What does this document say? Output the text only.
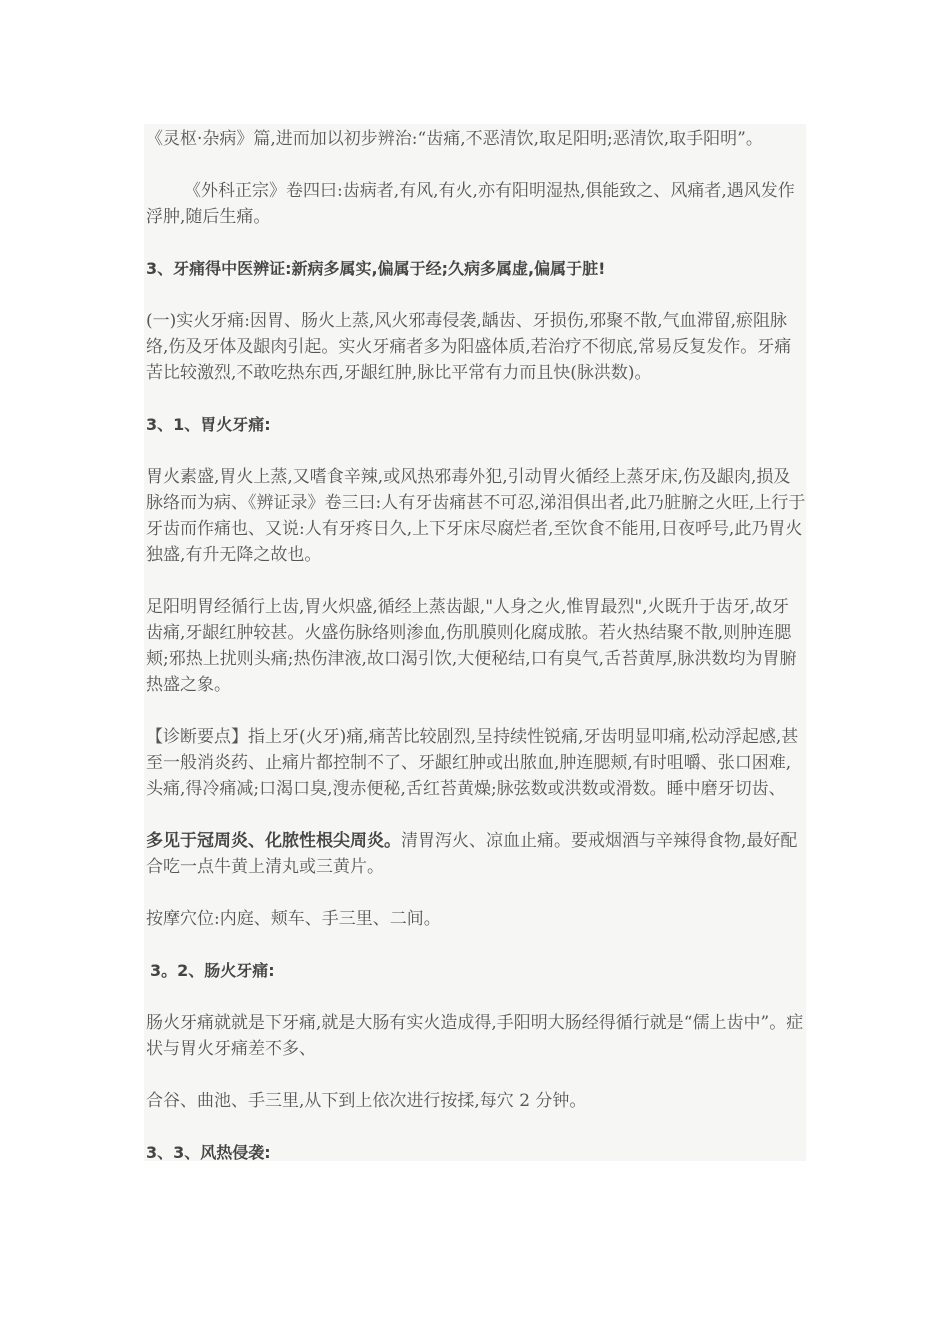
《灵枢·杂病》篇,进而加以初步辨治:“齿痛,不恶清饮,取足阳明;恶清饮,取手阳明”。

《外科正宗》卷四曰:齿病者,有风,有火,亦有阳明湿热,俱能致之、风痛者,遇风发作浮肿,随后生痛。

3、牙痛得中医辨证:新病多属实,偏属于经;久病多属虚,偏属于脏!

(一)实火牙痛:因胃、肠火上蒸,风火邪毒侵袭,龋齿、牙损伤,邪聚不散,气血滞留,瘀阻脉络,伤及牙体及龈肉引起。实火牙痛者多为阳盛体质,若治疗不彻底,常易反复发作。牙痛苦比较激烈,不敢吃热东西,牙龈红肿,脉比平常有力而且快(脉洪数)。

3、1、胃火牙痛:

胃火素盛,胃火上蒸,又嗜食辛辣,或风热邪毒外犯,引动胃火循经上蒸牙床,伤及龈肉,损及脉络而为病、《辨证录》卷三曰:人有牙齿痛甚不可忍,涕泪俱出者,此乃脏腑之火旺,上行于牙齿而作痛也、又说:人有牙疼日久,上下牙床尽腐烂者,至饮食不能用,日夜呼号,此乃胃火独盛,有升无降之故也。

足阳明胃经循行上齿,胃火炽盛,循经上蒸齿龈,"人身之火,惟胃最烈",火既升于齿牙,故牙齿痛,牙龈红肿较甚。火盛伤脉络则渗血,伤肌膜则化腐成脓。若火热结聚不散,则肿连腮颊;邪热上扰则头痛;热伤津液,故口渴引饮,大便秘结,口有臭气,舌苔黄厚,脉洪数均为胃腑热盛之象。

【诊断要点】指上牙(火牙)痛,痛苦比较剧烈,呈持续性锐痛,牙齿明显叩痛,松动浮起感,甚至一般消炎药、止痛片都控制不了、牙龈红肿或出脓血,肿连腮颊,有时咀嚼、张口困难,头痛,得冷痛减;口渴口臭,溲赤便秘,舌红苔黄燥;脉弦数或洪数或滑数。睡中磨牙切齿、

多见于冠周炎、化脓性根尖周炎。清胃泻火、凉血止痛。要戒烟酒与辛辣得食物,最好配合吃一点牛黄上清丸或三黄片。

按摩穴位:内庭、颊车、手三里、二间。

3。2、肠火牙痛:

肠火牙痛就就是下牙痛,就是大肠有实火造成得,手阳明大肠经得循行就是“儒上齿中”。症状与胃火牙痛差不多、

合谷、曲池、手三里,从下到上依次进行按揉,每穴 2 分钟。

3、3、风热侵袭:
